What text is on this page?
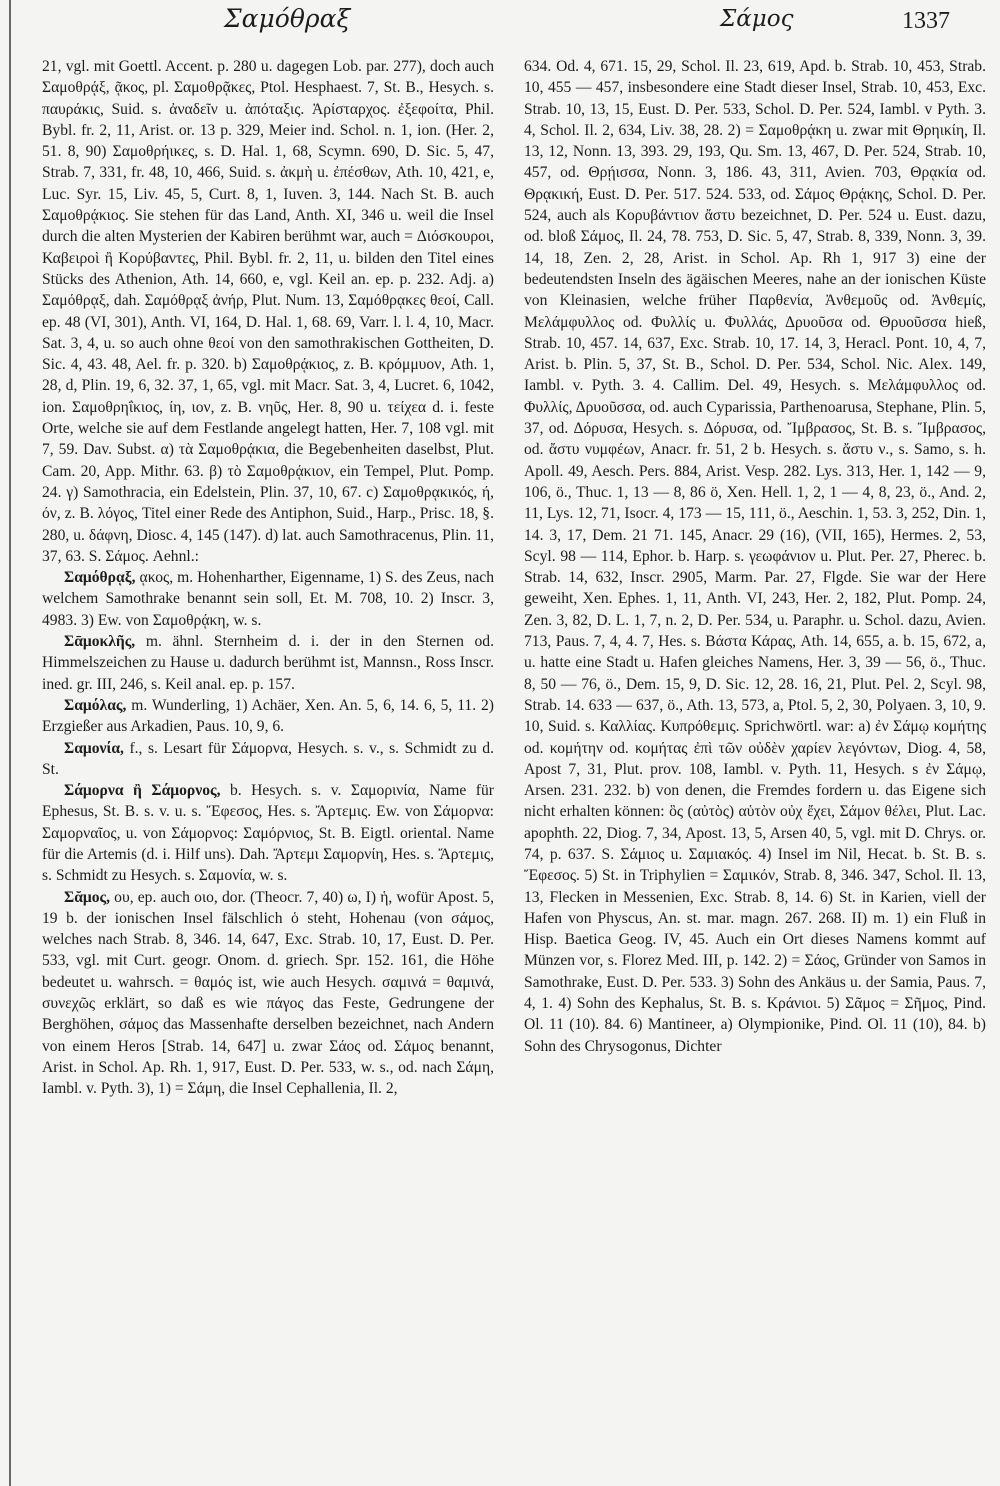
Σαμόθραξ	Σάμος	1337

21, vgl. mit Goettl. Accent. p. 280 u. dagegen Lob. par. 277), doch auch Σαμοθρᾴξ, ᾷκος, pl. Σαμοθρᾷκες, Ptol. Hesphaest. 7, St. B., Hesych. s. παυράκις, Suid. s. ἀναδεῖν u. ἀπόταξις. Ἀρίσταρχος. ἐξεφοίτα, Phil. Bybl. fr. 2, 11, Arist. or. 13 p. 329, Meier ind. Schol. n. 1, ion. (Her. 2, 51. 8, 90) Σαμοθρήικες, s. D. Hal. 1, 68, Scymn. 690, D. Sic. 5, 47, Strab. 7, 331, fr. 48, 10, 466, Suid. s. ἀκμὴ u. ἐπέσθων, Ath. 10, 421, e, Luc. Syr. 15, Liv. 45, 5, Curt. 8, 1, Iuven. 3, 144. Nach St. B. auch Σαμοθρᾴκιος. Sie stehen für das Land, Anth. XI, 346 u. weil die Insel durch die alten Mysterien der Kabiren berühmt war, auch = Διόσκουροι, Καβειροὶ ἢ Κορύβαντες, Phil. Bybl. fr. 2, 11, u. bilden den Titel eines Stücks des Athenion, Ath. 14, 660, e, vgl. Keil an. ep. p. 232. Adj. a) Σαμόθρᾳξ, dah. Σαμόθρᾳξ ἀνήρ, Plut. Num. 13, Σαμόθρᾳκες θεοί, Call. ep. 48 (VI, 301), Anth. VI, 164, D. Hal. 1, 68. 69, Varr. l. l. 4, 10, Macr. Sat. 3, 4, u. so auch ohne θεοί von den samothrakischen Gottheiten, D. Sic. 4, 43. 48, Ael. fr. p. 320. b) Σαμοθρᾴκιος, z. B. κρόμμυον, Ath. 1, 28, d, Plin. 19, 6, 32. 37, 1, 65, vgl. mit Macr. Sat. 3, 4, Lucret. 6, 1042, ion. Σαμοθρηΐκιος, ίη, ιον, z. B. νηῦς, Her. 8, 90 u. τείχεα d. i. feste Orte, welche sie auf dem Festlande angelegt hatten, Her. 7, 108 vgl. mit 7, 59. Dav. Subst. α) τὰ Σαμοθρᾴκια, die Begebenheiten daselbst, Plut. Cam. 20, App. Mithr. 63. β) τὸ Σαμοθρᾴκιον, ein Tempel, Plut. Pomp. 24. γ) Samothracia, ein Edelstein, Plin. 37, 10, 67. c) Σαμοθρᾳκικός, ή, όν, z. B. λόγος, Titel einer Rede des Antiphon, Suid., Harp., Prisc. 18, §. 280, u. δάφνη, Diosc. 4, 145 (147). d) lat. auch Samothracenus, Plin. 11, 37, 63. S. Σάμος. Aehnl.:

Σαμόθρᾳξ, ᾳκος, m. Hohenharther, Eigenname, 1) S. des Zeus, nach welchem Samothrake benannt sein soll, Et. M. 708, 10. 2) Inscr. 3, 4983. 3) Ew. von Σαμοθρᾴκη, w. s.

Σᾱμοκλῆς, m. ähnl. Sternheim d. i. der in den Sternen od. Himmelszeichen zu Hause u. dadurch berühmt ist, Mannsn., Ross Inscr. ined. gr. III, 246, s. Keil anal. ep. p. 157.

Σαμόλας, m. Wunderling, 1) Achäer, Xen. An. 5, 6, 14. 6, 5, 11. 2) Erzgießer aus Arkadien, Paus. 10, 9, 6.

Σαμονία, f., s. Lesart für Σάμορνα, Hesych. s. v., s. Schmidt zu d. St.

Σάμορνα ἢ Σάμορνος, b. Hesych. s. v. Σαμορινία, Name für Ephesus, St. B. s. v. u. s. Ἔφεσος, Hes. s. Ἄρτεμις. Ew. von Σάμορνα: Σαμορναῖος, u. von Σάμορνος: Σαμόρνιος, St. B. Eigtl. oriental. Name für die Artemis (d. i. Hilf uns). Dah. Ἄρτεμι Σαμορνίη, Hes. s. Ἄρτεμις, s. Schmidt zu Hesych. s. Σαμονία, w. s.

Σᾰμος, ου, ep. auch οιο, dor. (Theocr. 7, 40) ω, I) ἡ, wofür Apost. 5, 19 b. der ionischen Insel fälschlich ὁ steht, Hohenau (von σάμος, welches nach Strab. 8, 346. 14, 647, Exc. Strab. 10, 17, Eust. D. Per. 533, vgl. mit Curt. geogr. Onom. d. griech. Spr. 152. 161, die Höhe bedeutet u. wahrsch. = θαμός ist, wie auch Hesych. σαμινά = θαμινά, συνεχῶς erklärt, so daß es wie πάγος das Feste, Gedrungene der Berghöhen, σάμος das Massenhafte derselben bezeichnet, nach Andern von einem Heros [Strab. 14, 647] u. zwar Σάος od. Σάμος benannt, Arist. in Schol. Ap. Rh. 1, 917, Eust. D. Per. 533, w. s., od. nach Σάμη, Iambl. v. Pyth. 3), 1) = Σάμη, die Insel Cephallenia, Il. 2,

634. Od. 4, 671. 15, 29, Schol. Il. 23, 619, Apd. b. Strab. 10, 453, Strab. 10, 455 — 457, insbesondere eine Stadt dieser Insel, Strab. 10, 453, Exc. Strab. 10, 13, 15, Eust. D. Per. 533, Schol. D. Per. 524, Iambl. v Pyth. 3. 4, Schol. Il. 2, 634, Liv. 38, 28. 2) = Σαμοθρᾴκη u. zwar mit Θρηικίη, Il. 13, 12, Nonn. 13, 393. 29, 193, Qu. Sm. 13, 467, D. Per. 524, Strab. 10, 457, od. Θρῄισσα, Nonn. 3, 186. 43, 311, Avien. 703, Θρᾳκία od. Θρᾳκική, Eust. D. Per. 517. 524. 533, od. Σάμος Θρᾴκης, Schol. D. Per. 524, auch als Κορυβάντιον ἄστυ bezeichnet, D. Per. 524 u. Eust. dazu, od. bloß Σάμος, Il. 24, 78. 753, D. Sic. 5, 47, Strab. 8, 339, Nonn. 3, 39. 14, 18, Zen. 2, 28, Arist. in Schol. Ap. Rh 1, 917 3) eine der bedeutendsten Inseln des ägäischen Meeres, nahe an der ionischen Küste von Kleinasien, welche früher Παρθενία, Ἀνθεμοῦς od. Ἀνθεμίς, Μελάμφυλλος od. Φυλλίς u. Φυλλάς, Δρυοῦσα od. Θρυοῦσσα hieß, Strab. 10, 457. 14, 637, Exc. Strab. 10, 17. 14, 3, Heracl. Pont. 10, 4, 7, Arist. b. Plin. 5, 37, St. B., Schol. D. Per. 534, Schol. Nic. Alex. 149, Iambl. v. Pyth. 3. 4. Callim. Del. 49, Hesych. s. Μελάμφυλλος od. Φυλλίς, Δρυοῦσσα, od. auch Cyparissia, Parthenoarusa, Stephane, Plin. 5, 37, od. Δόρυσα, Hesych. s. Δόρυσα, od. Ἴμβρασος, St. B. s. Ἴμβρασος, od. ἄστυ νυμφέων, Anacr. fr. 51, 2 b. Hesych. s. ἄστυ ν., s. Samo, s. h. Apoll. 49, Aesch. Pers. 884, Arist. Vesp. 282. Lys. 313, Her. 1, 142 — 9, 106, ö., Thuc. 1, 13 — 8, 86 ö, Xen. Hell. 1, 2, 1 — 4, 8, 23, ö., And. 2, 11, Lys. 12, 71, Isocr. 4, 173 — 15, 111, ö., Aeschin. 1, 53. 3, 252, Din. 1, 14. 3, 17, Dem. 21 71. 145, Anacr. 29 (16), (VII, 165), Hermes. 2, 53, Scyl. 98 — 114, Ephor. b. Harp. s. γεωφάνιον u. Plut. Per. 27, Pherec. b. Strab. 14, 632, Inscr. 2905, Marm. Par. 27, Flgde. Sie war der Here geweiht, Xen. Ephes. 1, 11, Anth. VI, 243, Her. 2, 182, Plut. Pomp. 24, Zen. 3, 82, D. L. 1, 7, n. 2, D. Per. 534, u. Paraphr. u. Schol. dazu, Avien. 713, Paus. 7, 4, 4. 7, Hes. s. Βάστα Κάρας, Ath. 14, 655, a. b. 15, 672, a, u. hatte eine Stadt u. Hafen gleiches Namens, Her. 3, 39 — 56, ö., Thuc. 8, 50 — 76, ö., Dem. 15, 9, D. Sic. 12, 28. 16, 21, Plut. Pel. 2, Scyl. 98, Strab. 14. 633 — 637, ö., Ath. 13, 573, a, Ptol. 5, 2, 30, Polyaen. 3, 10, 9. 10, Suid. s. Καλλίας. Κυπρόθεμις. Sprichwörtl. war: a) ἐν Σάμῳ κομήτης od. κομήτην od. κομήτας ἐπὶ τῶν οὐδὲν χαρίεν λεγόντων, Diog. 4, 58, Apost 7, 31, Plut. prov. 108, Iambl. v. Pyth. 11, Hesych. s ἐν Σάμῳ, Arsen. 231. 232. b) von denen, die Fremdes fordern u. das Eigene sich nicht erhalten können: ὃς (αὐτὸς) αὑτὸν οὐχ ἔχει, Σάμον θέλει, Plut. Lac. apophth. 22, Diog. 7, 34, Apost. 13, 5, Arsen 40, 5, vgl. mit D. Chrys. or. 74, p. 637. S. Σάμιος u. Σαμιακός. 4) Insel im Nil, Hecat. b. St. B. s. Ἔφεσος. 5) St. in Triphylien = Σαμικόν, Strab. 8, 346. 347, Schol. Il. 13, 13, Flecken in Messenien, Exc. Strab. 8, 14. 6) St. in Karien, viell der Hafen von Physcus, An. st. mar. magn. 267. 268. II) m. 1) ein Fluß in Hisp. Baetica Geog. IV, 45. Auch ein Ort dieses Namens kommt auf Münzen vor, s. Florez Med. III, p. 142. 2) = Σάος, Gründer von Samos in Samothrake, Eust. D. Per. 533. 3) Sohn des Ankäus u. der Samia, Paus. 7, 4, 1. 4) Sohn des Kephalus, St. B. s. Κράνιοι. 5) Σᾶμος = Σῆμος, Pind. Ol. 11 (10). 84. 6) Mantineer, a) Olympionike, Pind. Ol. 11 (10), 84. b) Sohn des Chrysogonus, Dichter
